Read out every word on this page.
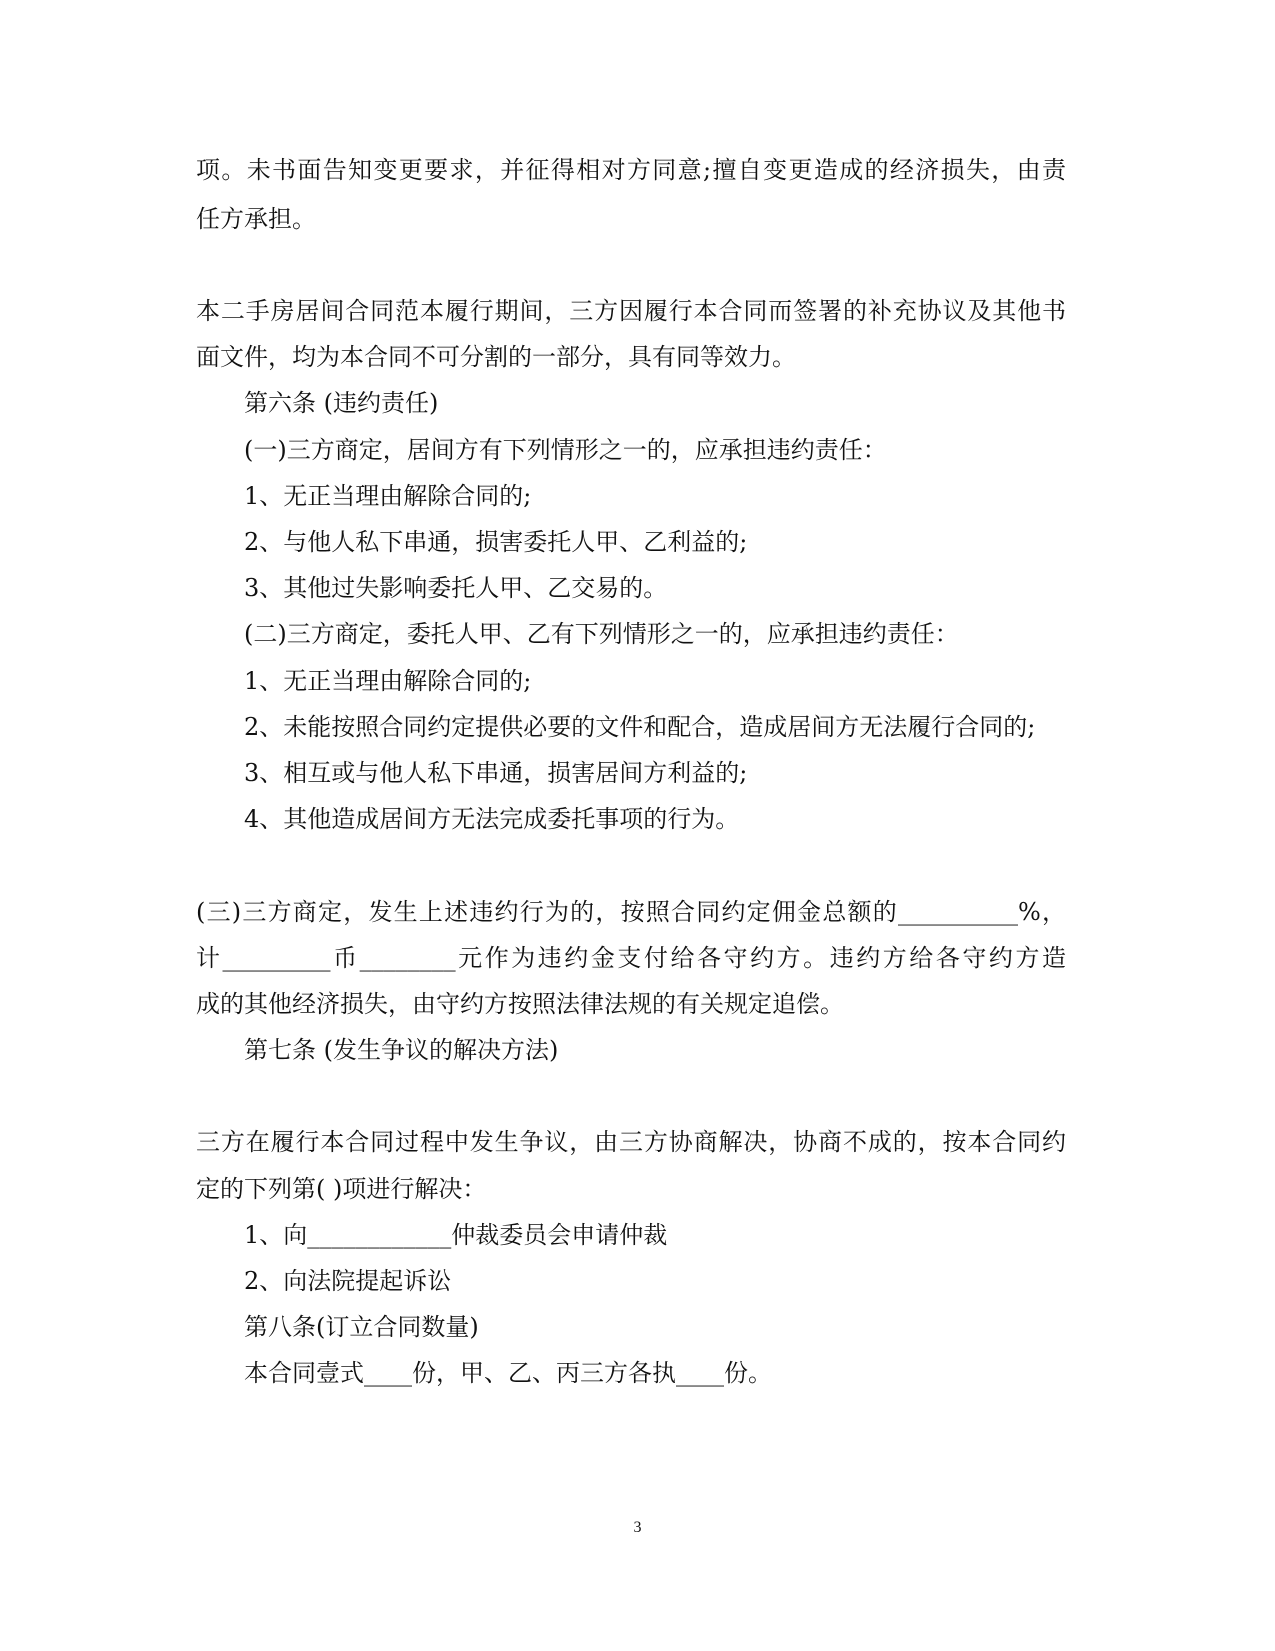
项。未书面告知变更要求，并征得相对方同意;擅自变更造成的经济损失，由责
任方承担。
本二手房居间合同范本履行期间，三方因履行本合同而签署的补充协议及其他书
面文件，均为本合同不可分割的一部分，具有同等效力。
第六条 (违约责任)
(一)三方商定，居间方有下列情形之一的，应承担违约责任：
1、无正当理由解除合同的;
2、与他人私下串通，损害委托人甲、乙利益的;
3、其他过失影响委托人甲、乙交易的。
(二)三方商定，委托人甲、乙有下列情形之一的，应承担违约责任：
1、无正当理由解除合同的;
2、未能按照合同约定提供必要的文件和配合，造成居间方无法履行合同的;
3、相互或与他人私下串通，损害居间方利益的;
4、其他造成居间方无法完成委托事项的行为。
(三)三方商定，发生上述违约行为的，按照合同约定佣金总额的__________%，
计_________币________元作为违约金支付给各守约方。违约方给各守约方造
成的其他经济损失，由守约方按照法律法规的有关规定追偿。
第七条 (发生争议的解决方法)
三方在履行本合同过程中发生争议，由三方协商解决，协商不成的，按本合同约
定的下列第( )项进行解决：
1、向____________仲裁委员会申请仲裁
2、向法院提起诉讼
第八条(订立合同数量)
本合同壹式____份，甲、乙、丙三方各执____份。
3
